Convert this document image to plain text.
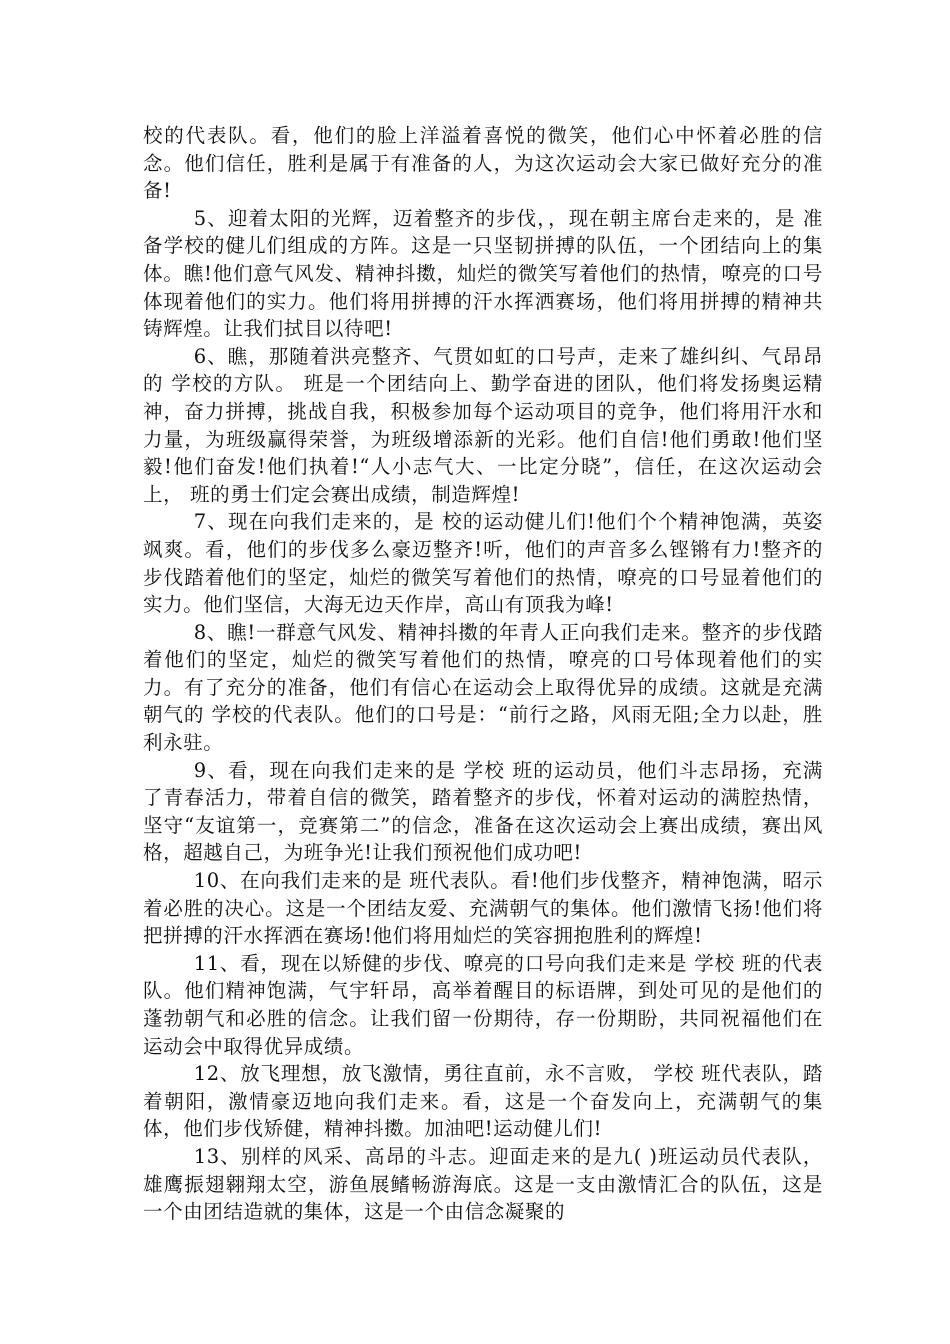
校的代表队。看，他们的脸上洋溢着喜悦的微笑，他们心中怀着必胜的信念。他们信任，胜利是属于有准备的人，为这次运动会大家已做好充分的准备!

5、迎着太阳的光辉，迈着整齐的步伐，，现在朝主席台走来的，是 准备学校的健儿们组成的方阵。这是一只坚韧拼搏的队伍，一个团结向上的集体。瞧!他们意气风发、精神抖擞，灿烂的微笑写着他们的热情，嘹亮的口号体现着他们的实力。他们将用拼搏的汗水挥洒赛场，他们将用拼搏的精神共铸辉煌。让我们拭目以待吧!

6、瞧，那随着洪亮整齐、气贯如虹的口号声，走来了雄纠纠、气昂昂的 学校的方队。 班是一个团结向上、勤学奋进的团队，他们将发扬奥运精神，奋力拼搏，挑战自我，积极参加每个运动项目的竞争，他们将用汗水和力量，为班级赢得荣誉，为班级增添新的光彩。他们自信!他们勇敢!他们坚毅!他们奋发!他们执着!“人小志气大、一比定分晓”，信任，在这次运动会上， 班的勇士们定会赛出成绩，制造辉煌!

7、现在向我们走来的，是 校的运动健儿们!他们个个精神饱满，英姿飒爽。看，他们的步伐多么豪迈整齐!听，他们的声音多么铿锵有力!整齐的步伐踏着他们的坚定，灿烂的微笑写着他们的热情，嘹亮的口号显着他们的实力。他们坚信，大海无边天作岸，高山有顶我为峰!

8、瞧!一群意气风发、精神抖擞的年青人正向我们走来。整齐的步伐踏着他们的坚定，灿烂的微笑写着他们的热情，嘹亮的口号体现着他们的实力。有了充分的准备，他们有信心在运动会上取得优异的成绩。这就是充满朝气的 学校的代表队。他们的口号是：“前行之路，风雨无阻;全力以赴，胜利永驻。

9、看，现在向我们走来的是 学校 班的运动员，他们斗志昂扬，充满了青春活力，带着自信的微笑，踏着整齐的步伐，怀着对运动的满腔热情，坚守“友谊第一，竞赛第二”的信念，准备在这次运动会上赛出成绩，赛出风格，超越自己，为班争光!让我们预祝他们成功吧!

10、在向我们走来的是 班代表队。看!他们步伐整齐，精神饱满，昭示着必胜的决心。这是一个团结友爱、充满朝气的集体。他们激情飞扬!他们将把拼搏的汗水挥洒在赛场!他们将用灿烂的笑容拥抱胜利的辉煌!

11、看，现在以矫健的步伐、嘹亮的口号向我们走来是 学校 班的代表队。他们精神饱满，气宇轩昂，高举着醒目的标语牌，到处可见的是他们的蓬勃朝气和必胜的信念。让我们留一份期待，存一份期盼，共同祝福他们在运动会中取得优异成绩。

12、放飞理想，放飞激情，勇往直前，永不言败， 学校 班代表队，踏着朝阳，激情豪迈地向我们走来。看，这是一个奋发向上，充满朝气的集体，他们步伐矫健，精神抖擞。加油吧!运动健儿们!

13、别样的风采、高昂的斗志。迎面走来的是九( )班运动员代表队，雄鹰振翅翱翔太空，游鱼展鳍畅游海底。这是一支由激情汇合的队伍，这是一个由团结造就的集体，这是一个由信念凝聚的
